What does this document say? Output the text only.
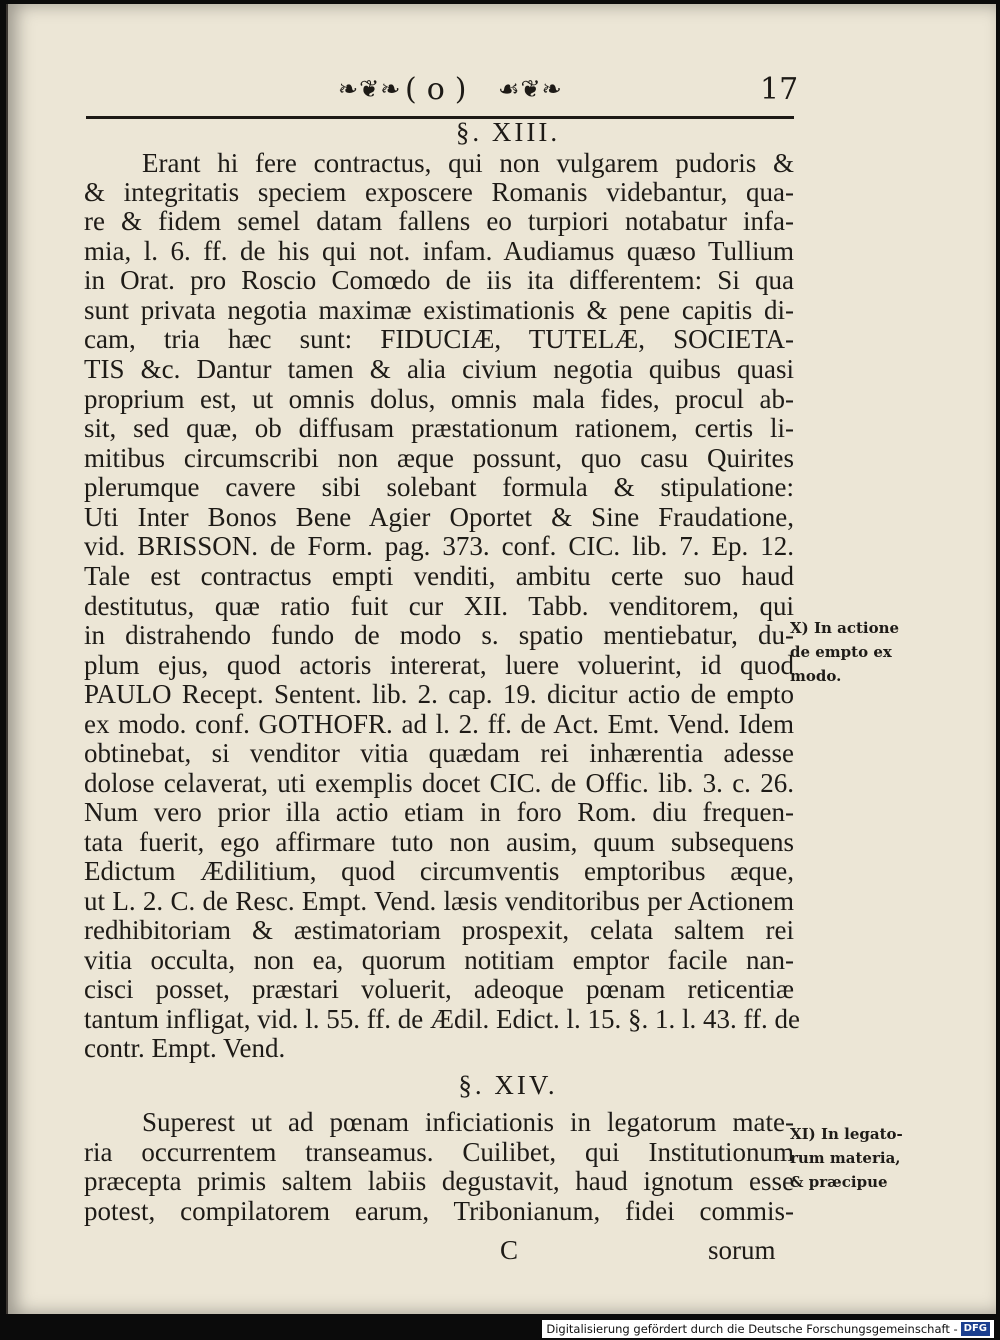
❧❦❧ (o) ☙❦❧	17
§. XIII.
Erant hi fere contractus, qui non vulgarem pudoris &
& integritatis speciem exposcere Romanis videbantur, qua-
re & fidem semel datam fallens eo turpiori notabatur infa-
mia, l. 6. ff. de his qui not. infam. Audiamus quæso Tullium
in Orat. pro Roscio Comœdo de iis ita differentem: Si qua
sunt privata negotia maximæ existimationis & pene capitis di-
cam, tria hæc sunt: FIDUCIÆ, TUTELÆ, SOCIETA-
TIS &c. Dantur tamen & alia civium negotia quibus quasi
proprium est, ut omnis dolus, omnis mala fides, procul ab-
sit, sed quæ, ob diffusam præstationum rationem, certis li-
mitibus circumscribi non æque possunt, quo casu Quirites
plerumque cavere sibi solebant formula & stipulatione:
Uti Inter Bonos Bene Agier Oportet & Sine Fraudatione,
vid. BRISSON. de Form. pag. 373. conf. CIC. lib. 7. Ep. 12.
Tale est contractus empti venditi, ambitu certe suo haud
destitutus, quæ ratio fuit cur XII. Tabb. venditorem, qui
in distrahendo fundo de modo s. spatio mentiebatur, du-
plum ejus, quod actoris intererat, luere voluerint, id quod
PAULO Recept. Sentent. lib. 2. cap. 19. dicitur actio de empto
ex modo. conf. GOTHOFR. ad l. 2. ff. de Act. Emt. Vend. Idem
obtinebat, si venditor vitia quædam rei inhærentia adesse
dolose celaverat, uti exemplis docet CIC. de Offic. lib. 3. c. 26.
Num vero prior illa actio etiam in foro Rom. diu frequen-
tata fuerit, ego affirmare tuto non ausim, quum subsequens
Edictum Ædilitium, quod circumventis emptoribus æque,
ut L. 2. C. de Resc. Empt. Vend. læsis venditoribus per Actionem
redhibitoriam & æstimatoriam prospexit, celata saltem rei
vitia occulta, non ea, quorum notitiam emptor facile nan-
cisci posset, præstari voluerit, adeoque pœnam reticentiæ
tantum infligat, vid. l. 55. ff. de Ædil. Edict. l. 15. §. 1. l. 43. ff. de
contr. Empt. Vend.
§. XIV.
Superest ut ad pœnam inficiationis in legatorum mate-
ria occurrentem transeamus. Cuilibet, qui Institutionum
præcepta primis saltem labiis degustavit, haud ignotum esse
potest, compilatorem earum, Tribonianum, fidei commis-
X) In actione
de empto ex
modo.
XI) In legato-
rum materia,
& præcipue
C	sorum
Digitalisierung gefördert durch die Deutsche Forschungsgemeinschaft - DFG
